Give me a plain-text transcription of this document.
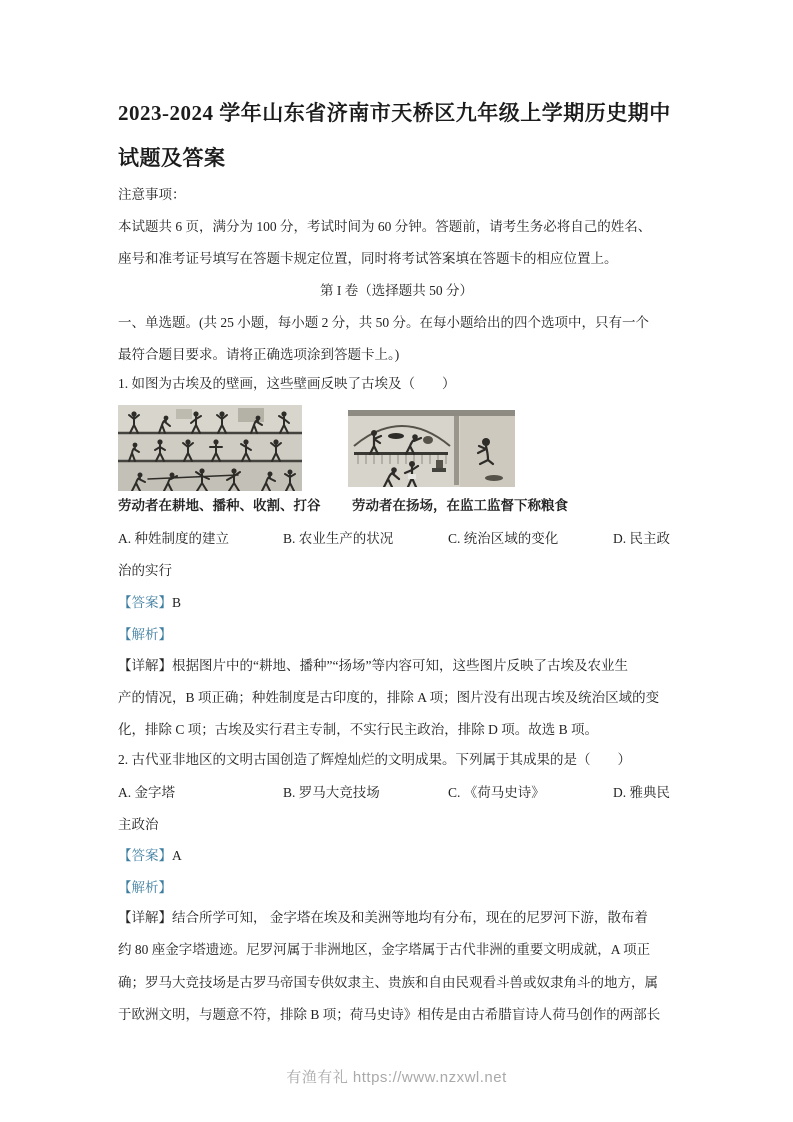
2023-2024 学年山东省济南市天桥区九年级上学期历史期中
试题及答案
注意事项：
本试题共 6 页，满分为 100 分，考试时间为 60 分钟。答题前，请考生务必将自己的姓名、
座号和准考证号填写在答题卡规定位置，同时将考试答案填在答题卡的相应位置上。
第 I 卷（选择题共 50 分）
一、单选题。(共 25 小题，每小题 2 分，共 50 分。在每小题给出的四个选项中，只有一个
最符合题目要求。请将正确选项涂到答题卡上。)
1. 如图为古埃及的壁画，这些壁画反映了古埃及（　　）
劳动者在耕地、播种、收割、打谷 劳动者在扬场，在监工监督下称粮食
A. 种姓制度的建立	B. 农业生产的状况	C. 统治区域的变化	D. 民主政
治的实行
【答案】B
【解析】
【详解】根据图片中的“耕地、播种”“扬场”等内容可知，这些图片反映了古埃及农业生
产的情况，B 项正确；种姓制度是古印度的，排除 A 项；图片没有出现古埃及统治区域的变
化，排除 C 项；古埃及实行君主专制，不实行民主政治，排除 D 项。故选 B 项。
2. 古代亚非地区的文明古国创造了辉煌灿烂的文明成果。下列属于其成果的是（　　）
A. 金字塔	B. 罗马大竞技场	C. 《荷马史诗》	D. 雅典民
主政治
【答案】A
【解析】
【详解】结合所学可知， 金字塔在埃及和美洲等地均有分布，现在的尼罗河下游，散布着
约 80 座金字塔遗迹。尼罗河属于非洲地区，金字塔属于古代非洲的重要文明成就，A 项正
确；罗马大竞技场是古罗马帝国专供奴隶主、贵族和自由民观看斗兽或奴隶角斗的地方，属
于欧洲文明，与题意不符，排除 B 项；荷马史诗》相传是由古希腊盲诗人荷马创作的两部长
有渔有礼 https://www.nzxwl.net
